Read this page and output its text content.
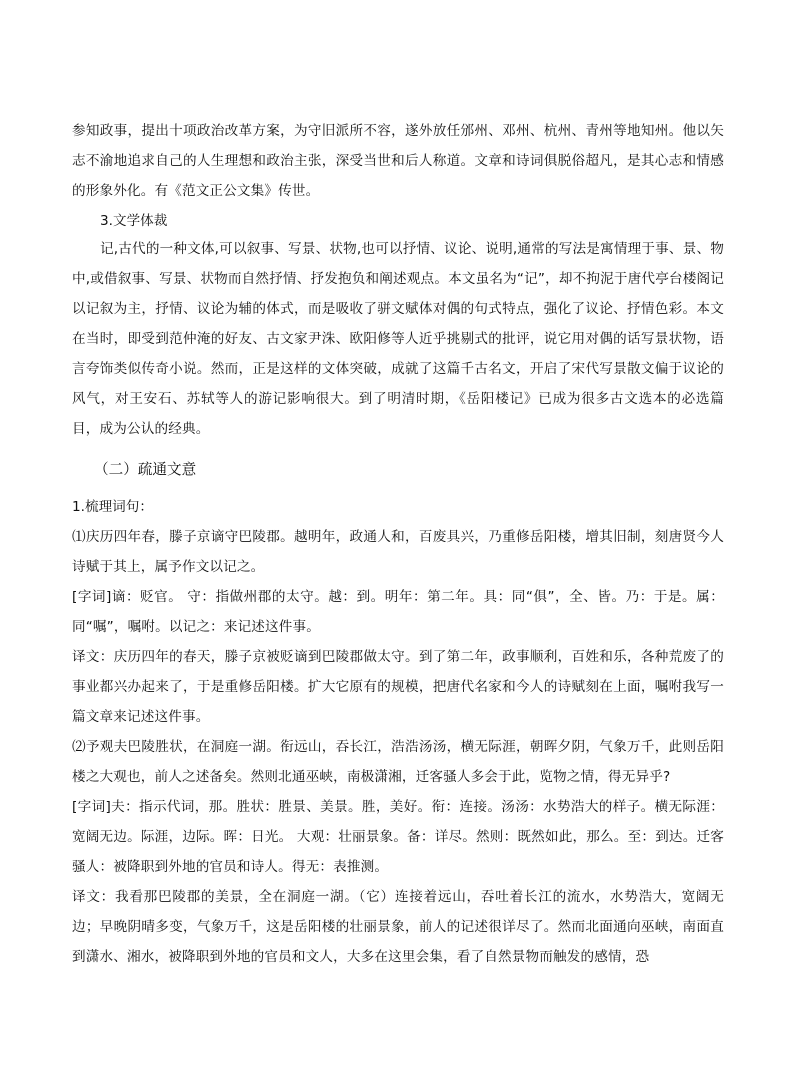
参知政事，提出十项政治改革方案，为守旧派所不容，遂外放任邠州、邓州、杭州、青州等地知州。他以矢志不渝地追求自己的人生理想和政治主张，深受当世和后人称道。文章和诗词俱脱俗超凡，是其心志和情感的形象外化。有《范文正公文集》传世。

3.文学体裁

记,古代的一种文体,可以叙事、写景、状物,也可以抒情、议论、说明,通常的写法是寓情理于事、景、物中,或借叙事、写景、状物而自然抒情、抒发抱负和阐述观点。本文虽名为“记”，却不拘泥于唐代亭台楼阁记以记叙为主，抒情、议论为辅的体式，而是吸收了骈文赋体对偶的句式特点，强化了议论、抒情色彩。本文在当时，即受到范仲淹的好友、古文家尹洙、欧阳修等人近乎挑剔式的批评，说它用对偶的话写景状物，语言夸饰类似传奇小说。然而，正是这样的文体突破，成就了这篇千古名文，开启了宋代写景散文偏于议论的风气，对王安石、苏轼等人的游记影响很大。到了明清时期，《岳阳楼记》已成为很多古文选本的必选篇目，成为公认的经典。

（二）疏通文意

1.梳理词句：

⑴庆历四年春，滕子京谪守巴陵郡。越明年，政通人和，百废具兴，乃重修岳阳楼，增其旧制，刻唐贤今人诗赋于其上，属予作文以记之。

[字词]谪：贬官。 守：指做州郡的太守。越：到。明年：第二年。具：同“俱”，全、皆。乃：于是。属：同“嘱”，嘱咐。以记之：来记述这件事。

译文：庆历四年的春天，滕子京被贬谪到巴陵郡做太守。到了第二年，政事顺利，百姓和乐，各种荒废了的事业都兴办起来了，于是重修岳阳楼。扩大它原有的规模，把唐代名家和今人的诗赋刻在上面，嘱咐我写一篇文章来记述这件事。

⑵予观夫巴陵胜状，在洞庭一湖。衔远山，吞长江，浩浩汤汤，横无际涯，朝晖夕阴，气象万千，此则岳阳楼之大观也，前人之述备矣。然则北通巫峡，南极潇湘，迁客骚人多会于此，览物之情，得无异乎?

[字词]夫：指示代词，那。胜状：胜景、美景。胜，美好。衔：连接。汤汤：水势浩大的样子。横无际涯：宽阔无边。际涯，边际。晖：日光。 大观：壮丽景象。备：详尽。然则：既然如此，那么。至：到达。迁客骚人：被降职到外地的官员和诗人。得无：表推测。

译文：我看那巴陵郡的美景，全在洞庭一湖。（它）连接着远山，吞吐着长江的流水，水势浩大，宽阔无边；早晚阴晴多变，气象万千，这是岳阳楼的壮丽景象，前人的记述很详尽了。然而北面通向巫峡，南面直到潇水、湘水，被降职到外地的官员和文人，大多在这里会集，看了自然景物而触发的感情，恐
